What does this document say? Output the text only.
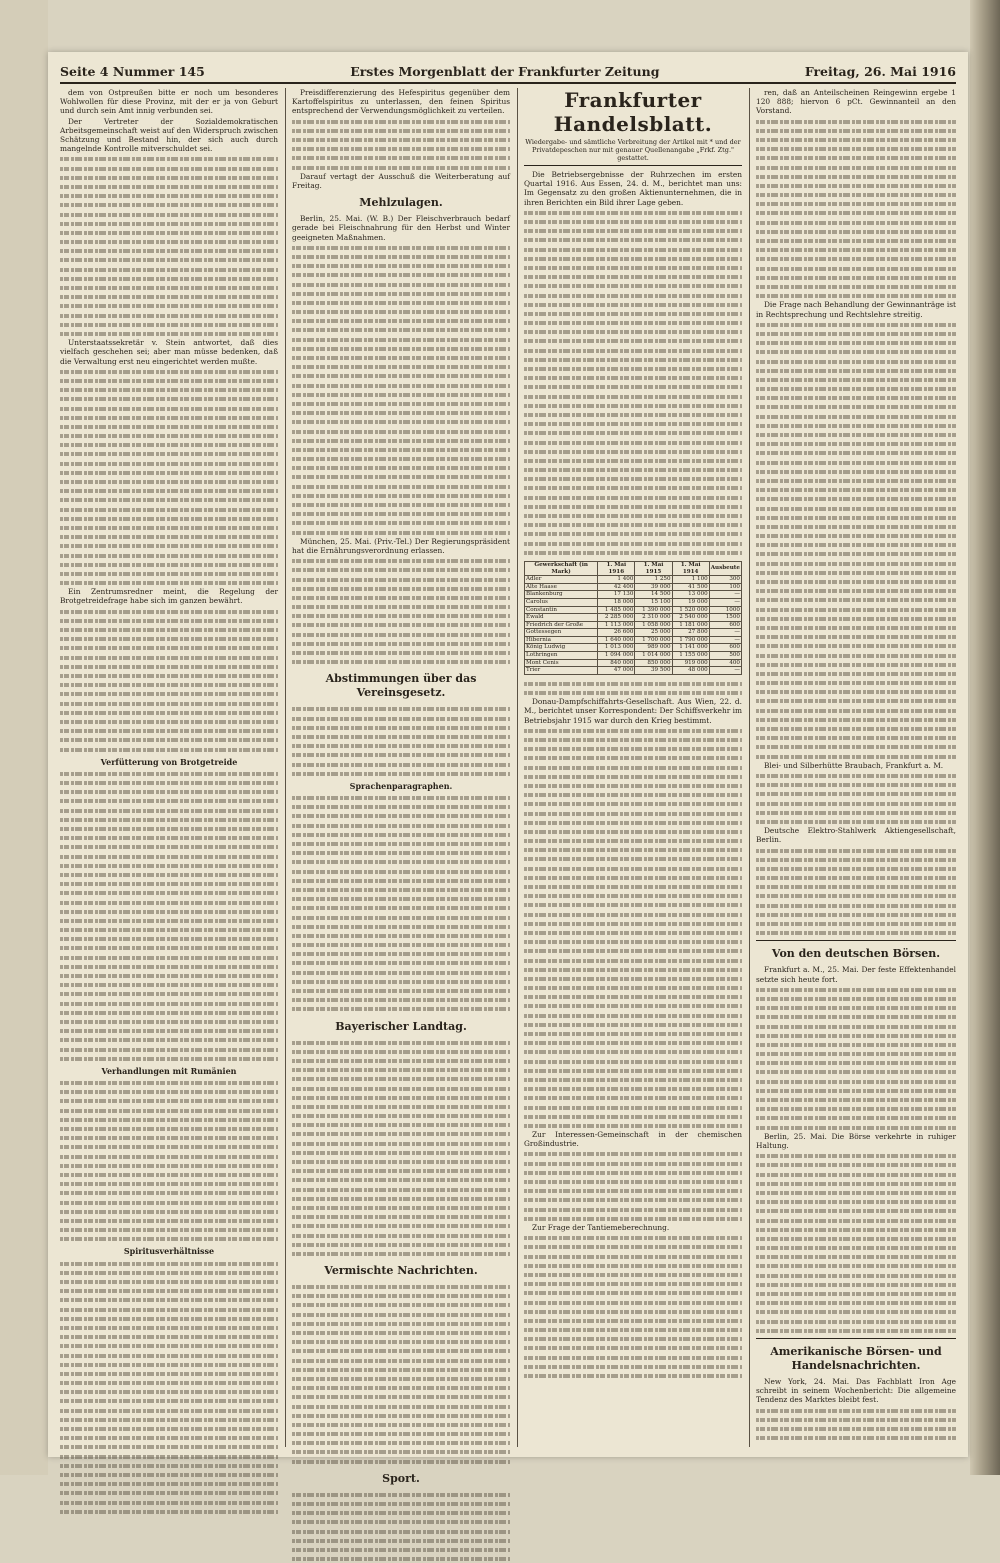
Seite 4 Nummer 145	Erstes Morgenblatt der Frankfurter Zeitung	Freitag, 26. Mai 1916

dem von Ostpreußen bitte er noch um besonderes Wohlwollen für diese Provinz, mit der er ja von Geburt und durch sein Amt innig verbunden sei.

Der Vertreter der Sozialdemokratischen Arbeitsgemeinschaft weist auf den Widerspruch zwischen Schätzung und Bestand hin, der sich auch durch mangelnde Kontrolle mitverschuldet sei.

Unterstaatssekretär v. Stein antwortet, daß dies vielfach geschehen sei; aber man müsse bedenken, daß die Verwaltung erst neu eingerichtet werden mußte.

Ein Zentrumsredner meint, die Regelung der Brotgetreidefrage habe sich im ganzen bewährt.

Verfütterung von Brotgetreide
Verhandlungen mit Rumänien
Spiritusverhältnisse

Preisdifferenzierung des Hefespiritus gegenüber dem Kartoffelspiritus zu unterlassen, den feinen Spiritus entsprechend der Verwendungsmöglichkeit zu verteilen.

Darauf vertagt der Ausschuß die Weiterberatung auf Freitag.

Mehlzulagen.

Berlin, 25. Mai. (W. B.) Der Fleischverbrauch bedarf gerade bei Fleischnahrung für den Herbst und Winter geeigneten Maßnahmen.

München, 25. Mai. (Priv.-Tel.) Der Regierungspräsident hat die Ernährungsverordnung erlassen.

Abstimmungen über das Vereinsgesetz.
Sprachenparagraphen.
Bayerischer Landtag.
Vermischte Nachrichten.
Sport.
Frankfurter Handelsblatt.
Wiedergabe- und sämtliche Verbreitung der Artikel mit * und der Privatdepeschen nur mit genauer Quellenangabe „Frkf. Ztg." gestattet.

Die Betriebsergebnisse der Ruhrzechen im ersten Quartal 1916. Aus Essen, 24. d. M., berichtet man uns: Im Gegensatz zu den großen Aktienunternehmen, die in ihren Berichten ein Bild ihrer Lage geben.

Gewerkschaft (in Mark)	1. Mai 1916	1. Mai 1915	1. Mai 1914	Ausbeute
Adler	1 400	1 250	1 100	300
Alte Haase	42 400	39 000	41 500	100
Blankenburg	17 130	14 500	13 000	—
Carolus	18 000	15 100	19 000	—
Constantin	1 485 000	1 390 000	1 520 000	1000
Ewald	2 285 000	2 310 000	2 540 000	1500
Friedrich der Große	1 113 000	1 058 000	1 181 000	600
Gottessegen	26 600	25 000	27 800	—
Hibernia	1 640 000	1 700 000	1 790 000	—
König Ludwig	1 013 000	989 000	1 141 000	600
Lothringen	1 094 000	1 014 000	1 155 000	500
Mont Cenis	840 000	850 000	919 000	400
Trier	47 000	39 500	48 000	—

Donau-Dampfschiffahrts-Gesellschaft. Aus Wien, 22. d. M., berichtet unser Korrespondent: Der Schiffsverkehr im Betriebsjahr 1915 war durch den Krieg bestimmt.

Zur Interessen-Gemeinschaft in der chemischen Großindustrie.

Zur Frage der Tantiemeberechnung.

ren, daß an Anteilscheinen Reingewinn ergebe 1 120 888; hiervon 6 pCt. Gewinnanteil an den Vorstand.

Die Frage nach Behandlung der Gewinnanträge ist in Rechtsprechung und Rechtslehre streitig.

Blei- und Silberhütte Braubach, Frankfurt a. M.

Deutsche Elektro-Stahlwerk Aktiengesellschaft, Berlin.

Von den deutschen Börsen.

Frankfurt a. M., 25. Mai. Der feste Effektenhandel setzte sich heute fort.

Berlin, 25. Mai. Die Börse verkehrte in ruhiger Haltung.

Amerikanische Börsen- und Handelsnachrichten.

New York, 24. Mai. Das Fachblatt Iron Age schreibt in seinem Wochenbericht: Die allgemeine Tendenz des Marktes bleibt fest.
